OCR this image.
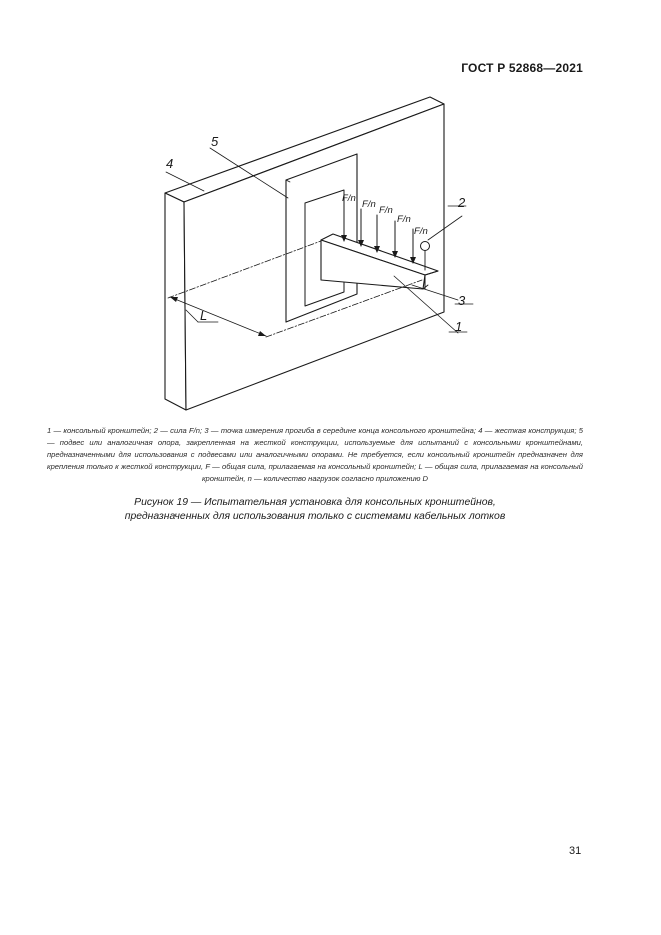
ГОСТ Р 52868—2021
4
5
2
3
1
L
F/n
F/n
F/n
F/n
F/n
1 — консольный кронштейн; 2 — сила F/n; 3 — точка измерения прогиба в середине конца консольного кронштейна; 4 — жесткая конструкция; 5 — подвес или аналогичная опора, закрепленная на жесткой конструкции, используемые для испытаний с консольными кронштейнами, предназначенными для использования с подвесами или аналогичными опорами. Не требуется, если консольный кронштейн предназначен для крепления только к жесткой конструкции, F — общая сила, прилагаемая на консольный кронштейн; L — общая сила, прилагаемая на консольный кронштейн, n — количество нагрузок согласно приложению D
Рисунок 19 — Испытательная установка для консольных кронштейнов,
предназначенных для использования только с системами кабельных лотков
31
